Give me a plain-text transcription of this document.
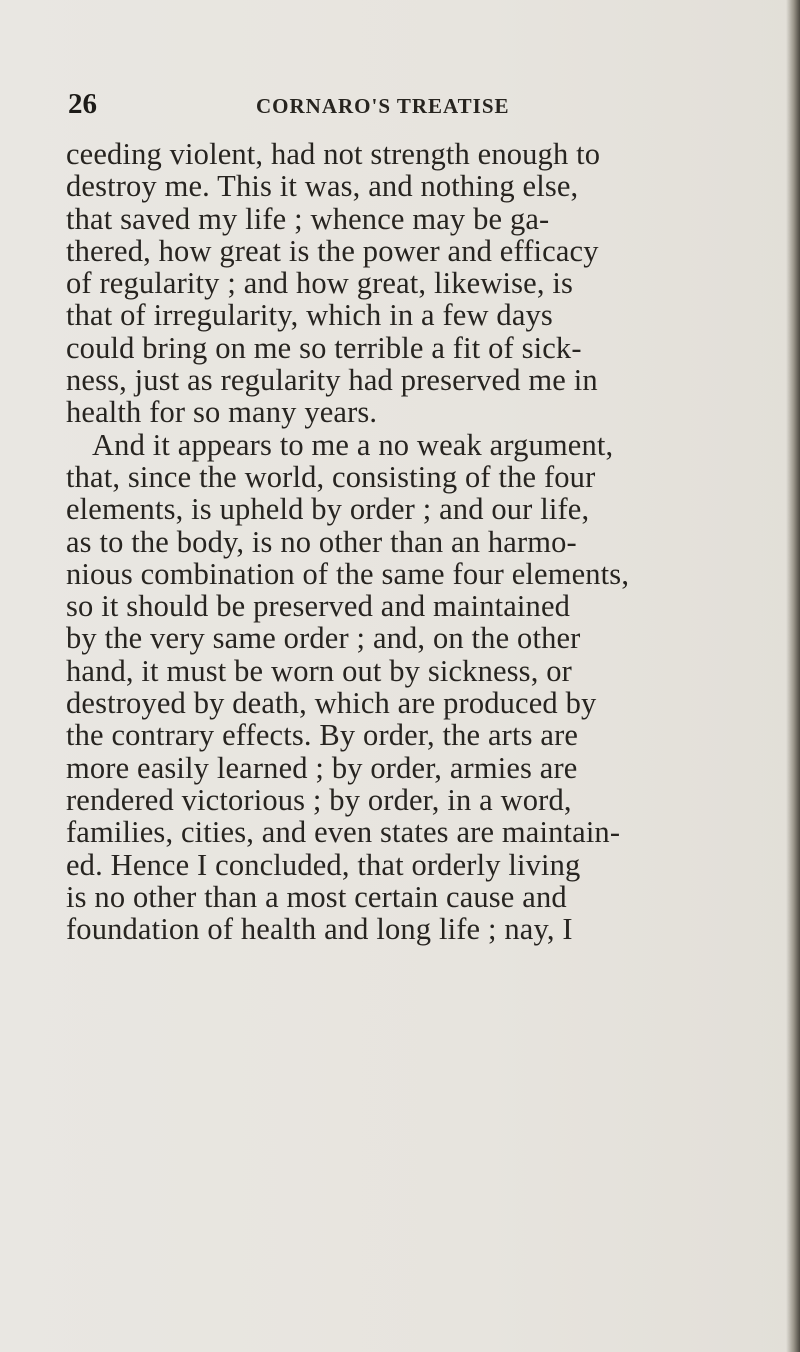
26	CORNARO'S TREATISE
ceeding violent, had not strength enough to
destroy me. This it was, and nothing else,
that saved my life ; whence may be ga-
thered, how great is the power and efficacy
of regularity ; and how great, likewise, is
that of irregularity, which in a few days
could bring on me so terrible a fit of sick-
ness, just as regularity had preserved me in
health for so many years.
And it appears to me a no weak argument,
that, since the world, consisting of the four
elements, is upheld by order ; and our life,
as to the body, is no other than an harmo-
nious combination of the same four elements,
so it should be preserved and maintained
by the very same order ; and, on the other
hand, it must be worn out by sickness, or
destroyed by death, which are produced by
the contrary effects. By order, the arts are
more easily learned ; by order, armies are
rendered victorious ; by order, in a word,
families, cities, and even states are maintain-
ed. Hence I concluded, that orderly living
is no other than a most certain cause and
foundation of health and long life ; nay, I
